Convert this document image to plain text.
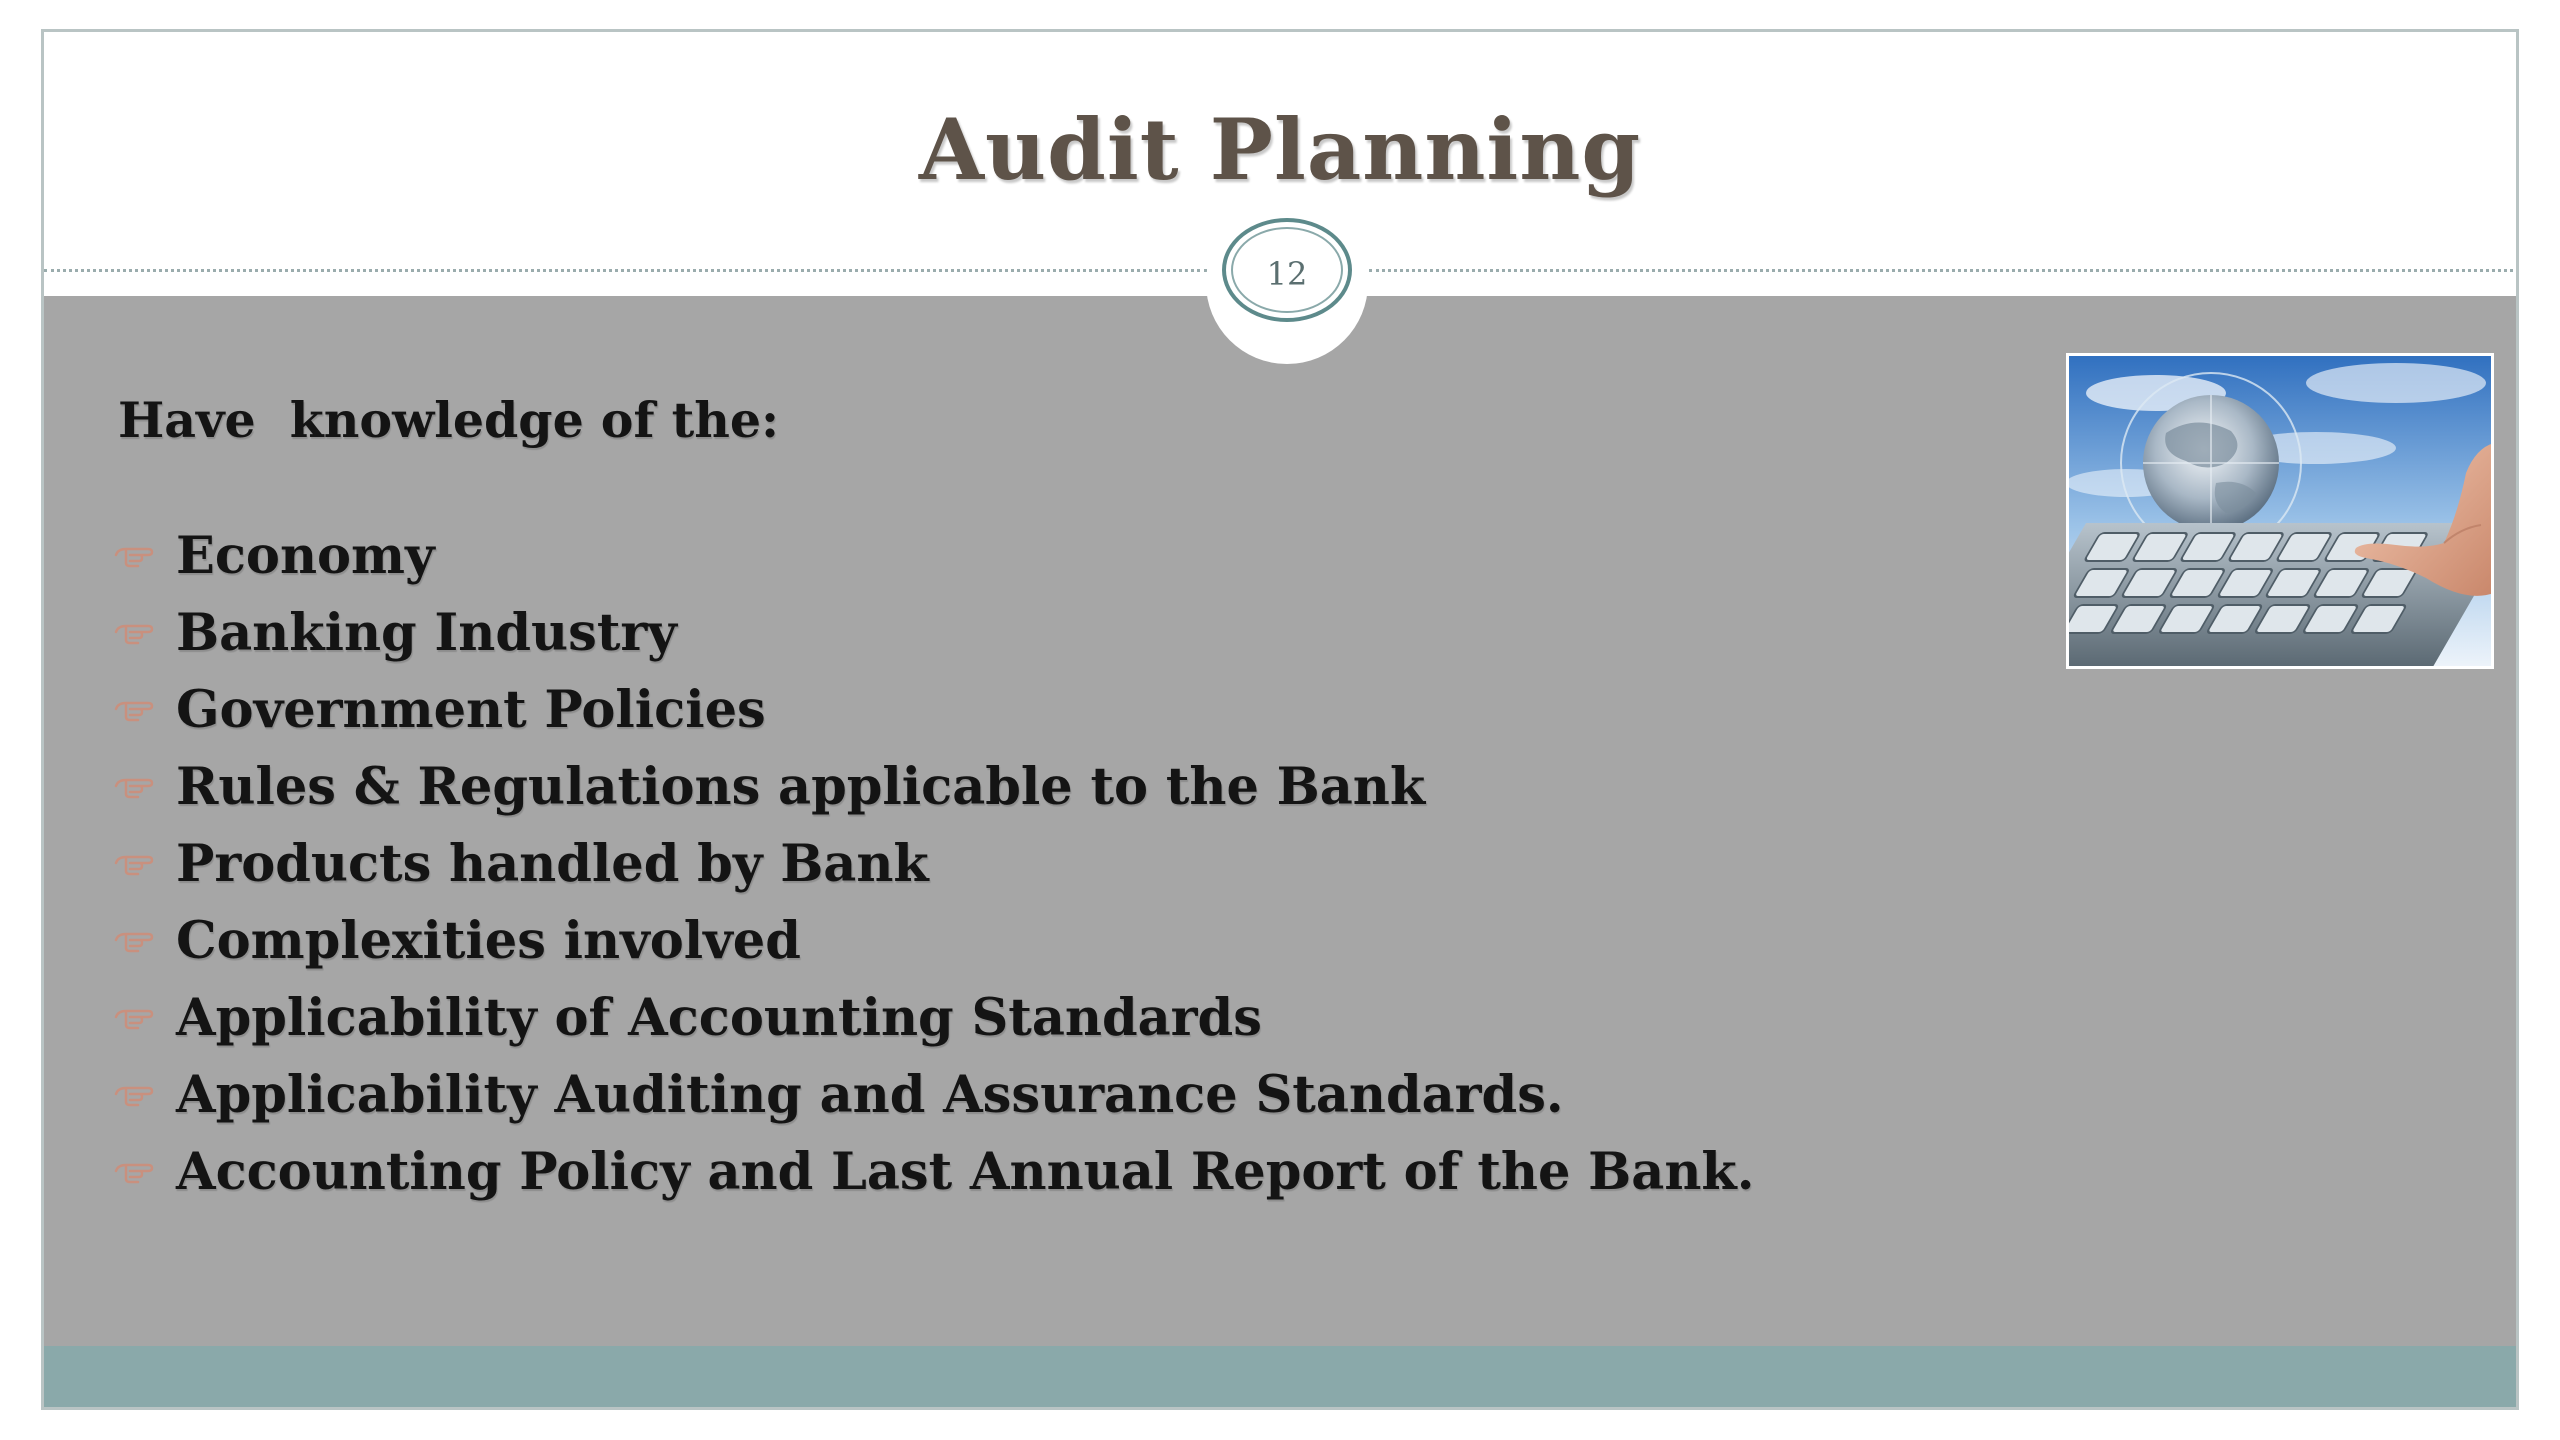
Audit Planning
Have  knowledge of the:
Economy
Banking Industry
Government Policies
Rules & Regulations applicable to the Bank
Products handled by Bank
Complexities involved
Applicability of Accounting Standards
Applicability Auditing and Assurance Standards.
Accounting Policy and Last Annual Report of the Bank.
12
